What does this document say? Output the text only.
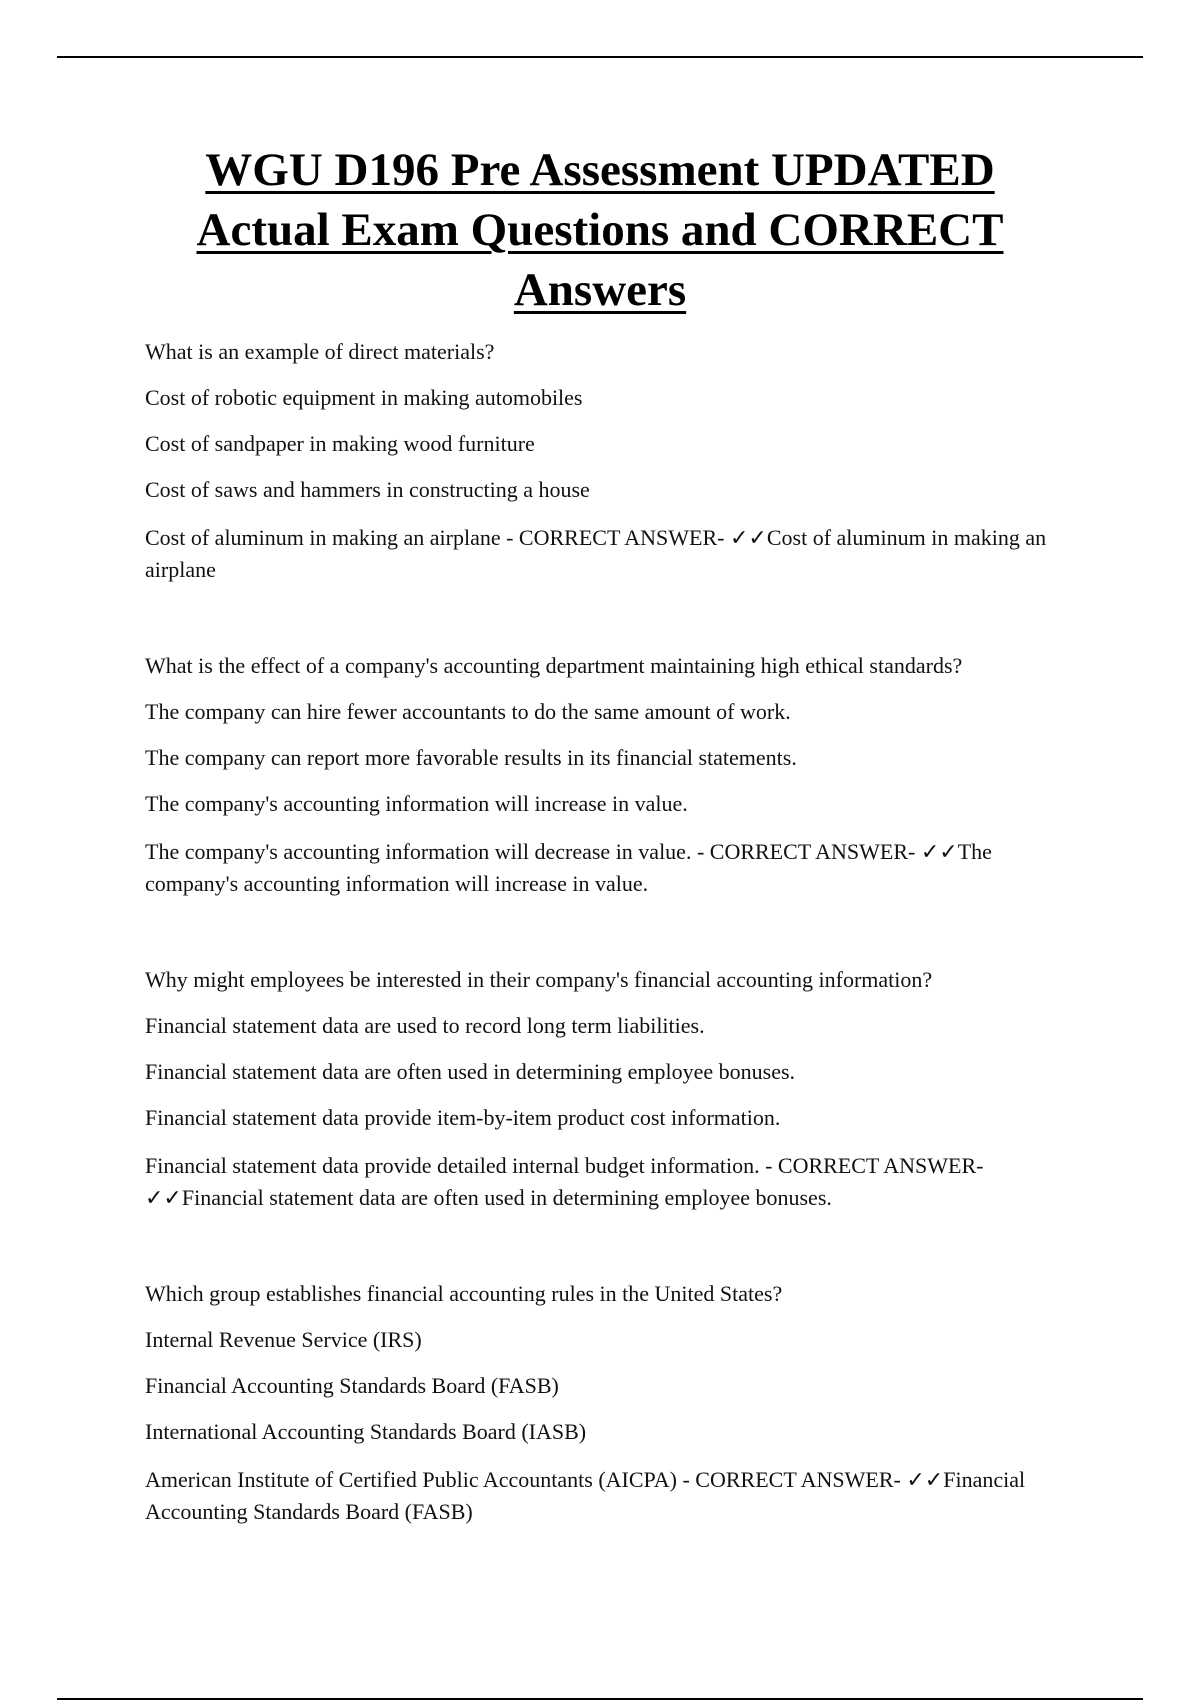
WGU D196 Pre Assessment UPDATED
Actual Exam Questions and CORRECT
Answers

What is an example of direct materials?

Cost of robotic equipment in making automobiles

Cost of sandpaper in making wood furniture

Cost of saws and hammers in constructing a house

Cost of aluminum in making an airplane - CORRECT ANSWER- ✓✓Cost of aluminum in making an airplane

What is the effect of a company's accounting department maintaining high ethical standards?

The company can hire fewer accountants to do the same amount of work.

The company can report more favorable results in its financial statements.

The company's accounting information will increase in value.

The company's accounting information will decrease in value. - CORRECT ANSWER- ✓✓The company's accounting information will increase in value.

Why might employees be interested in their company's financial accounting information?

Financial statement data are used to record long term liabilities.

Financial statement data are often used in determining employee bonuses.

Financial statement data provide item-by-item product cost information.

Financial statement data provide detailed internal budget information. - CORRECT ANSWER- ✓✓Financial statement data are often used in determining employee bonuses.

Which group establishes financial accounting rules in the United States?

Internal Revenue Service (IRS)

Financial Accounting Standards Board (FASB)

International Accounting Standards Board (IASB)

American Institute of Certified Public Accountants (AICPA) - CORRECT ANSWER- ✓✓Financial Accounting Standards Board (FASB)
